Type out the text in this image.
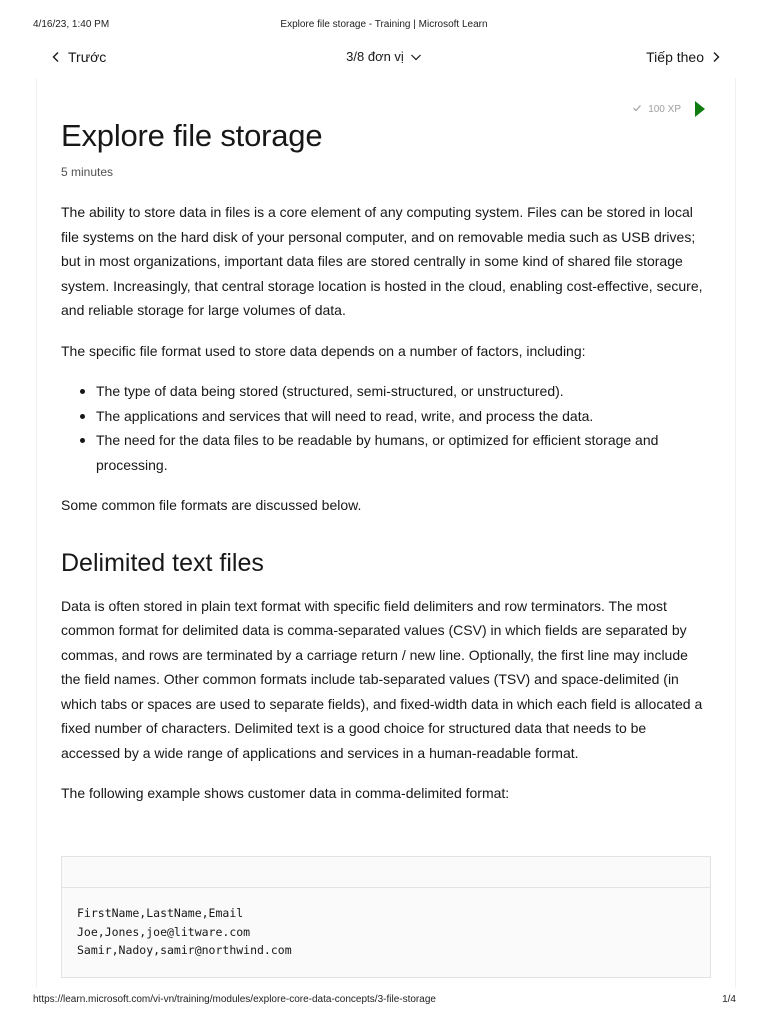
4/16/23, 1:40 PM	Explore file storage - Training | Microsoft Learn
Trước	3/8 đơn vị	Tiếp theo
100 XP
Explore file storage
5 minutes

The ability to store data in files is a core element of any computing system. Files can be stored in local file systems on the hard disk of your personal computer, and on removable media such as USB drives; but in most organizations, important data files are stored centrally in some kind of shared file storage system. Increasingly, that central storage location is hosted in the cloud, enabling cost-effective, secure, and reliable storage for large volumes of data.

The specific file format used to store data depends on a number of factors, including:

The type of data being stored (structured, semi-structured, or unstructured).
The applications and services that will need to read, write, and process the data.
The need for the data files to be readable by humans, or optimized for efficient storage and processing.

Some common file formats are discussed below.

Delimited text files

Data is often stored in plain text format with specific field delimiters and row terminators. The most common format for delimited data is comma-separated values (CSV) in which fields are separated by commas, and rows are terminated by a carriage return / new line. Optionally, the first line may include the field names. Other common formats include tab-separated values (TSV) and space-delimited (in which tabs or spaces are used to separate fields), and fixed-width data in which each field is allocated a fixed number of characters. Delimited text is a good choice for structured data that needs to be accessed by a wide range of applications and services in a human-readable format.

The following example shows customer data in comma-delimited format:

FirstName,LastName,Email
Joe,Jones,joe@litware.com
Samir,Nadoy,samir@northwind.com
https://learn.microsoft.com/vi-vn/training/modules/explore-core-data-concepts/3-file-storage	1/4
